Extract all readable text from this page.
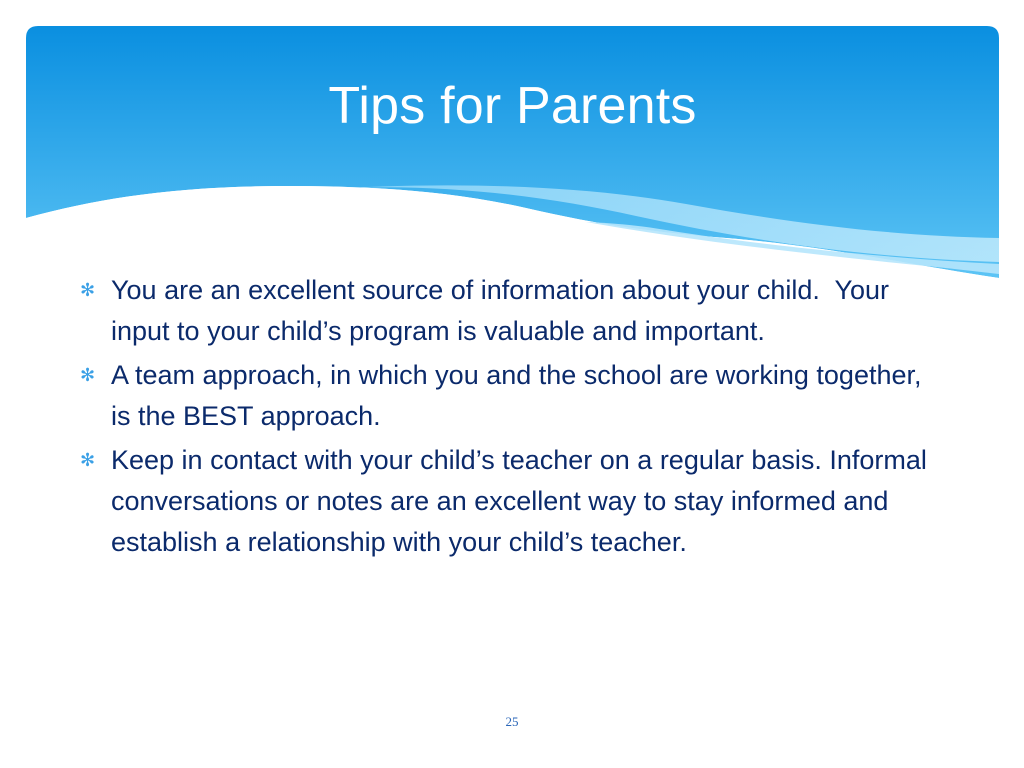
Tips for Parents
✻ You are an excellent source of information about your child.  Your input to your child’s program is valuable and important.
✻ A team approach, in which you and the school are working together, is the BEST approach.
✻ Keep in contact with your child’s teacher on a regular basis. Informal conversations or notes are an excellent way to stay informed and establish a relationship with your child’s teacher.
25
